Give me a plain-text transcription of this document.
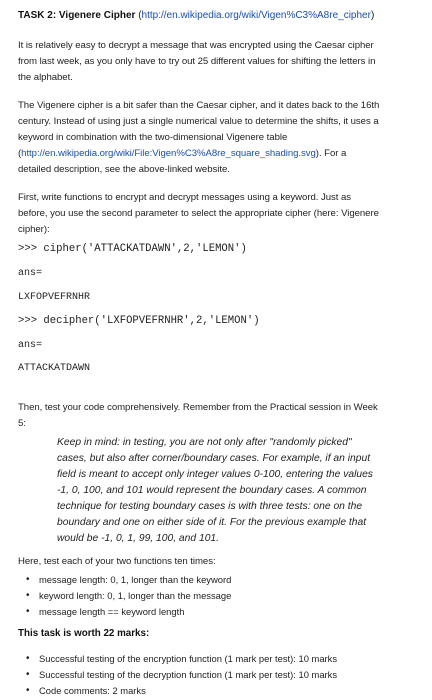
TASK 2: Vigenere Cipher (http://en.wikipedia.org/wiki/Vigen%C3%A8re_cipher)
It is relatively easy to decrypt a message that was encrypted using the Caesar cipher
from last week, as you only have to try out 25 different values for shifting the letters in
the alphabet.
The Vigenere cipher is a bit safer than the Caesar cipher, and it dates back to the 16th
century. Instead of using just a single numerical value to determine the shifts, it uses a
keyword in combination with the two-dimensional Vigenere table
(http://en.wikipedia.org/wiki/File:Vigen%C3%A8re_square_shading.svg). For a
detailed description, see the above-linked website.
First, write functions to encrypt and decrypt messages using a keyword. Just as
before, you use the second parameter to select the appropriate cipher (here: Vigenere
cipher):
>>> cipher('ATTACKATDAWN',2,'LEMON')
ans=
LXFOPVEFRNHR
>>> decipher('LXFOPVEFRNHR',2,'LEMON')
ans=
ATTACKATDAWN
Then, test your code comprehensively. Remember from the Practical session in Week
5:
Keep in mind: in testing, you are not only after "randomly picked"
cases, but also after corner/boundary cases. For example, if an input
field is meant to accept only integer values 0-100, entering the values
-1, 0, 100, and 101 would represent the boundary cases. A common
technique for testing boundary cases is with three tests: one on the
boundary and one on either side of it. For the previous example that
would be -1, 0, 1, 99, 100, and 101.
Here, test each of your two functions ten times:
• message length: 0, 1, longer than the keyword
• keyword length: 0, 1, longer than the message
• message length == keyword length
This task is worth 22 marks:
• Successful testing of the encryption function (1 mark per test): 10 marks
• Successful testing of the decryption function (1 mark per test): 10 marks
• Code comments: 2 marks
